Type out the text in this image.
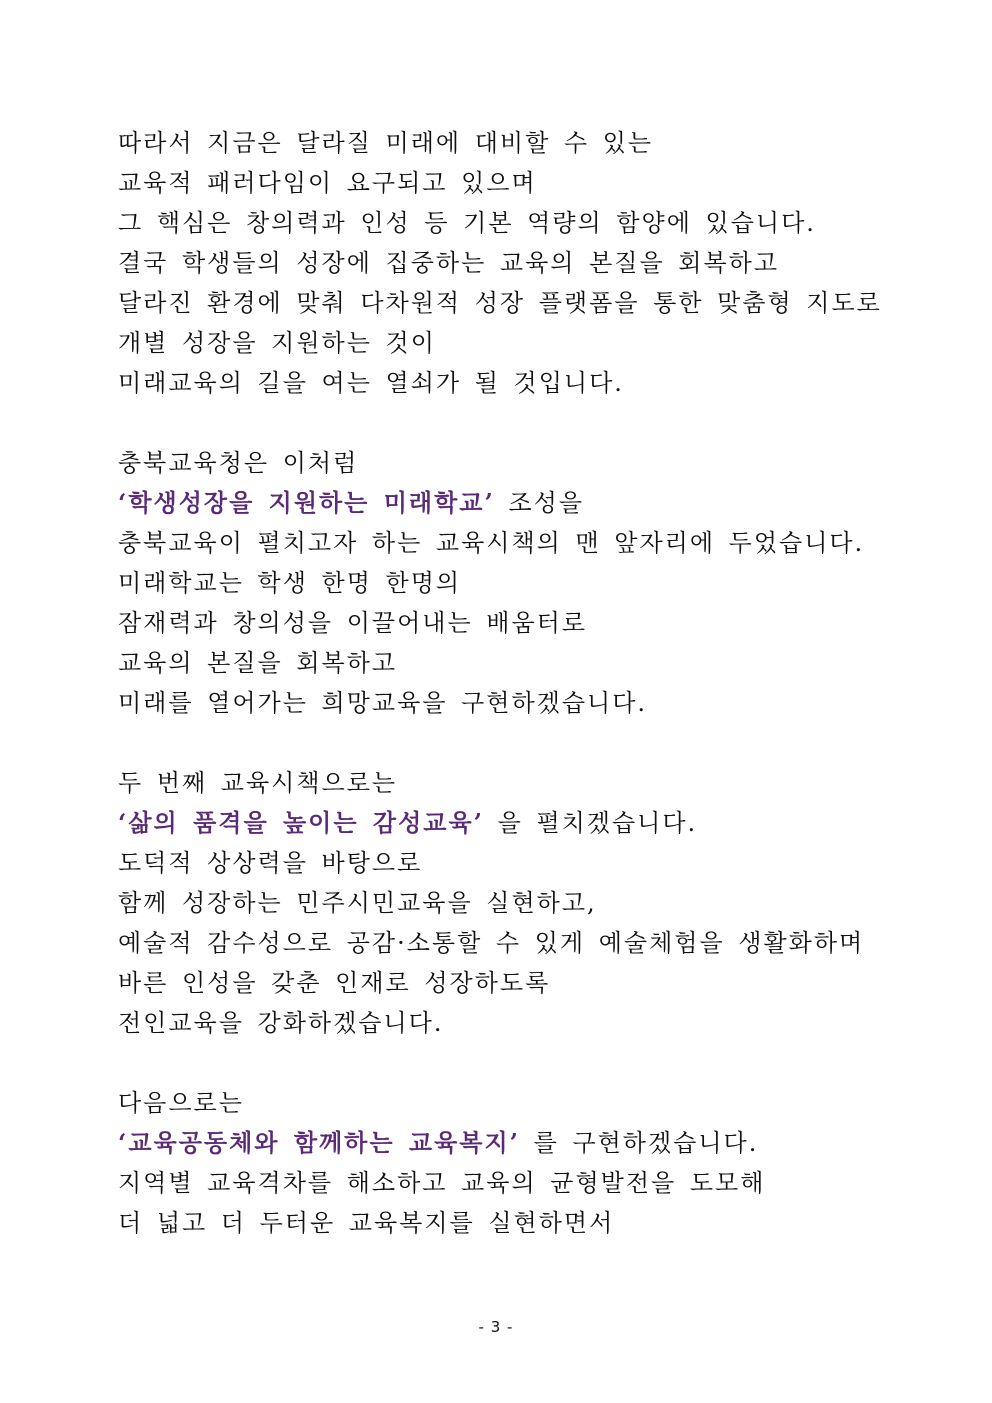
따라서 지금은 달라질 미래에 대비할 수 있는
교육적 패러다임이 요구되고 있으며
그 핵심은 창의력과 인성 등 기본 역량의 함양에 있습니다.
결국 학생들의 성장에 집중하는 교육의 본질을 회복하고
달라진 환경에 맞춰 다차원적 성장 플랫폼을 통한 맞춤형 지도로
개별 성장을 지원하는 것이
미래교육의 길을 여는 열쇠가 될 것입니다.
충북교육청은 이처럼
‘학생성장을 지원하는 미래학교’ 조성을
충북교육이 펼치고자 하는 교육시책의 맨 앞자리에 두었습니다.
미래학교는 학생 한명 한명의
잠재력과 창의성을 이끌어내는 배움터로
교육의 본질을 회복하고
미래를 열어가는 희망교육을 구현하겠습니다.
두 번째 교육시책으로는
‘삶의 품격을 높이는 감성교육’ 을 펼치겠습니다.
도덕적 상상력을 바탕으로
함께 성장하는 민주시민교육을 실현하고,
예술적 감수성으로 공감·소통할 수 있게 예술체험을 생활화하며
바른 인성을 갖춘 인재로 성장하도록
전인교육을 강화하겠습니다.
다음으로는
‘교육공동체와 함께하는 교육복지’ 를 구현하겠습니다.
지역별 교육격차를 해소하고 교육의 균형발전을 도모해
더 넓고 더 두터운 교육복지를 실현하면서
- 3 -
